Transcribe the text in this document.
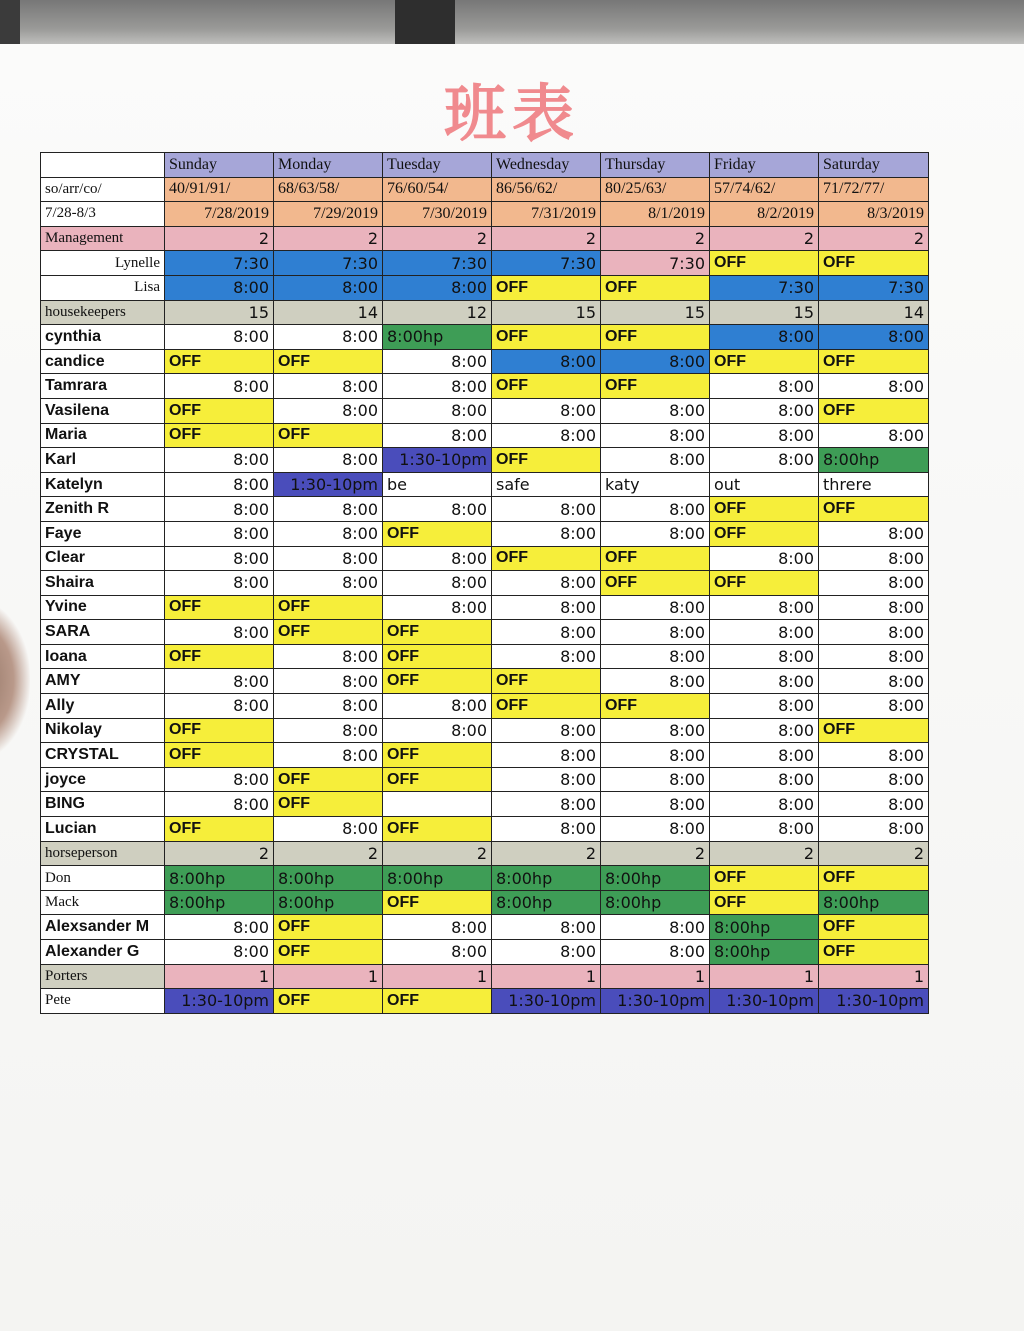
班表
	Sunday	Monday	Tuesday	Wednesday	Thursday	Friday	Saturday
so/arr/co/	40/91/91/	68/63/58/	76/60/54/	86/56/62/	80/25/63/	57/74/62/	71/72/77/
7/28-8/3	7/28/2019	7/29/2019	7/30/2019	7/31/2019	8/1/2019	8/2/2019	8/3/2019
Management	2	2	2	2	2	2	2
Lynelle	7:30	7:30	7:30	7:30	7:30	OFF	OFF
Lisa	8:00	8:00	8:00	OFF	OFF	7:30	7:30
housekeepers	15	14	12	15	15	15	14
cynthia	8:00	8:00	8:00hp	OFF	OFF	8:00	8:00
candice	OFF	OFF	8:00	8:00	8:00	OFF	OFF
Tamrara	8:00	8:00	8:00	OFF	OFF	8:00	8:00
Vasilena	OFF	8:00	8:00	8:00	8:00	8:00	OFF
Maria	OFF	OFF	8:00	8:00	8:00	8:00	8:00
Karl	8:00	8:00	1:30-10pm	OFF	8:00	8:00	8:00hp
Katelyn	8:00	1:30-10pm	be	safe	katy	out	threre
Zenith R	8:00	8:00	8:00	8:00	8:00	OFF	OFF
Faye	8:00	8:00	OFF	8:00	8:00	OFF	8:00
Clear	8:00	8:00	8:00	OFF	OFF	8:00	8:00
Shaira	8:00	8:00	8:00	8:00	OFF	OFF	8:00
Yvine	OFF	OFF	8:00	8:00	8:00	8:00	8:00
SARA	8:00	OFF	OFF	8:00	8:00	8:00	8:00
Ioana	OFF	8:00	OFF	8:00	8:00	8:00	8:00
AMY	8:00	8:00	OFF	OFF	8:00	8:00	8:00
Ally	8:00	8:00	8:00	OFF	OFF	8:00	8:00
Nikolay	OFF	8:00	8:00	8:00	8:00	8:00	OFF
CRYSTAL	OFF	8:00	OFF	8:00	8:00	8:00	8:00
joyce	8:00	OFF	OFF	8:00	8:00	8:00	8:00
BING	8:00	OFF		8:00	8:00	8:00	8:00
Lucian	OFF	8:00	OFF	8:00	8:00	8:00	8:00
horseperson	2	2	2	2	2	2	2
Don	8:00hp	8:00hp	8:00hp	8:00hp	8:00hp	OFF	OFF
Mack	8:00hp	8:00hp	OFF	8:00hp	8:00hp	OFF	8:00hp
Alexsander M	8:00	OFF	8:00	8:00	8:00	8:00hp	OFF
Alexander G	8:00	OFF	8:00	8:00	8:00	8:00hp	OFF
Porters	1	1	1	1	1	1	1
Pete	1:30-10pm	OFF	OFF	1:30-10pm	1:30-10pm	1:30-10pm	1:30-10pm
